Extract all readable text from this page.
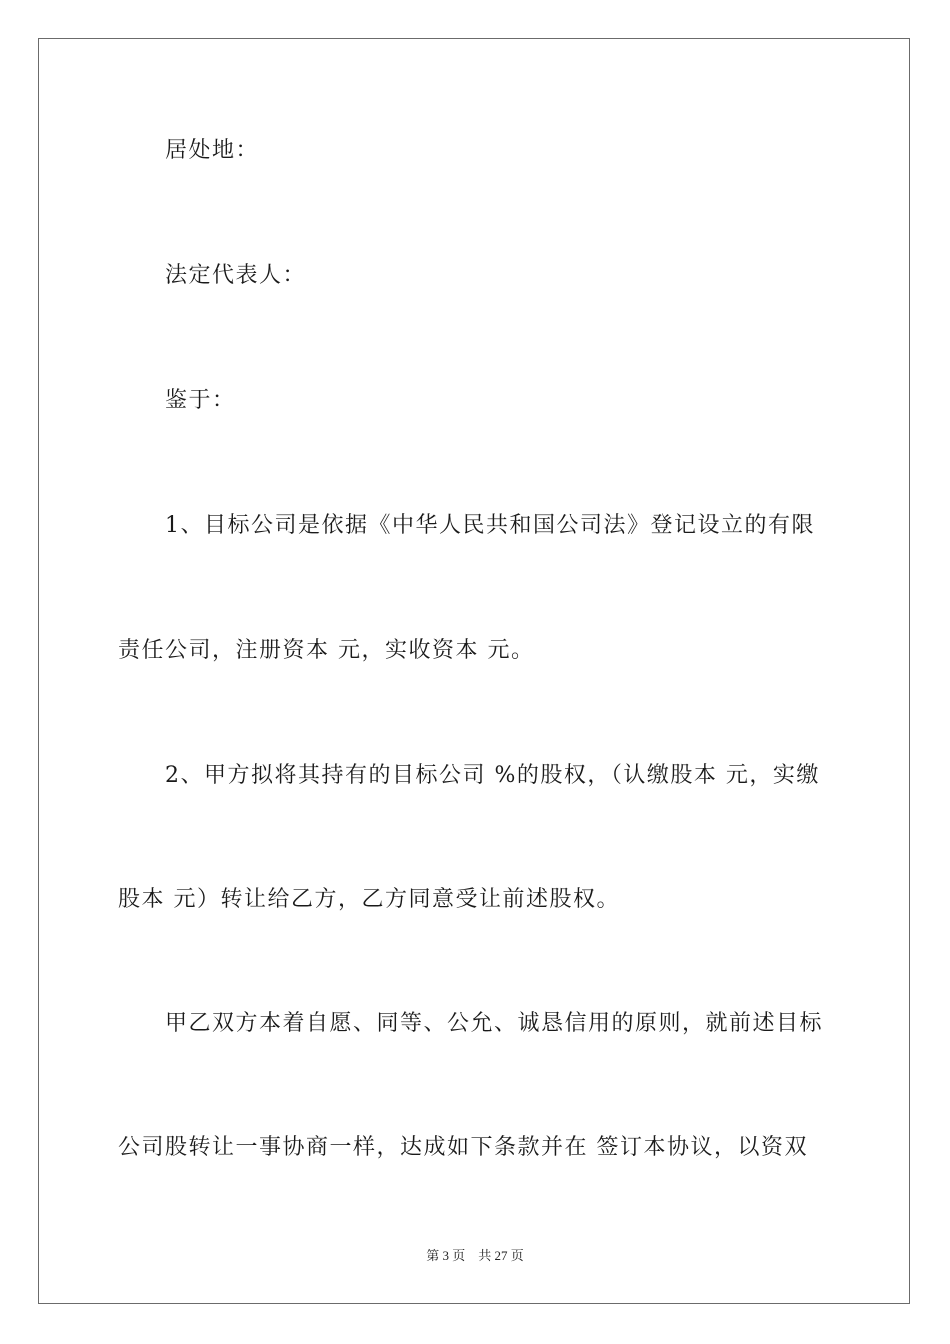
居处地：
法定代表人：
鉴于：
1、目标公司是依据《中华人民共和国公司法》登记设立的有限
责任公司，注册资本 元，实收资本 元。
2、甲方拟将其持有的目标公司 %的股权，（认缴股本 元，实缴
股本 元）转让给乙方，乙方同意受让前述股权。
甲乙双方本着自愿、同等、公允、诚恳信用的原则，就前述目标
公司股转让一事协商一样，达成如下条款并在 签订本协议，以资双
第 3 页 共 27 页
